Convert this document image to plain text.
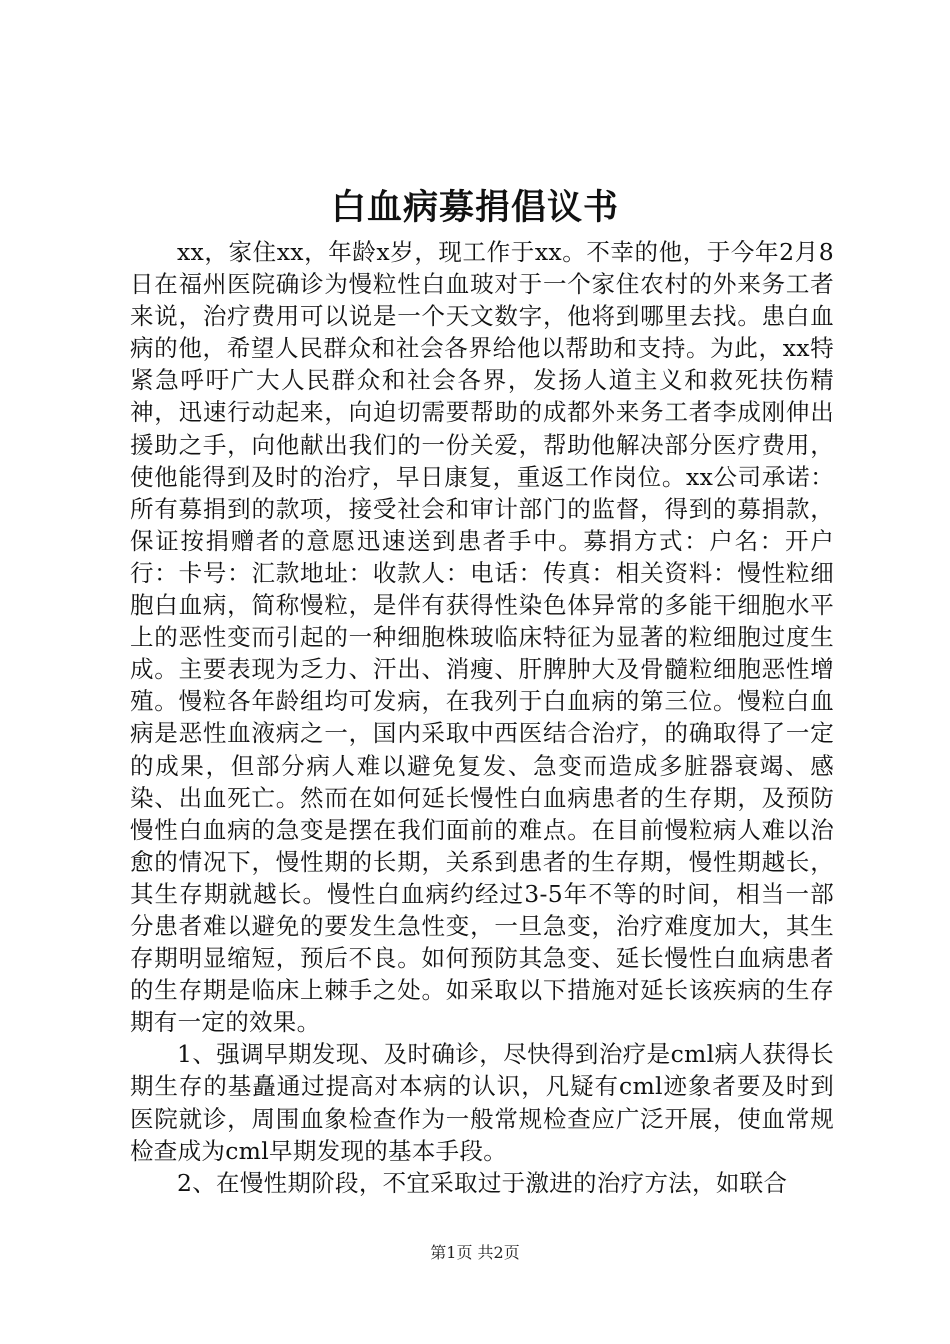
白血病募捐倡议书

xx，家住xx，年龄x岁，现工作于xx。不幸的他，于今年2月8日在福州医院确诊为慢粒性白血玻对于一个家住农村的外来务工者来说，治疗费用可以说是一个天文数字，他将到哪里去找。患白血病的他，希望人民群众和社会各界给他以帮助和支持。为此，xx特紧急呼吁广大人民群众和社会各界，发扬人道主义和救死扶伤精神，迅速行动起来，向迫切需要帮助的成都外来务工者李成刚伸出援助之手，向他献出我们的一份关爱，帮助他解决部分医疗费用，使他能得到及时的治疗，早日康复，重返工作岗位。xx公司承诺：所有募捐到的款项，接受社会和审计部门的监督，得到的募捐款，保证按捐赠者的意愿迅速送到患者手中。募捐方式：户名：开户行：卡号：汇款地址：收款人：电话：传真：相关资料：慢性粒细胞白血病，简称慢粒，是伴有获得性染色体异常的多能干细胞水平上的恶性变而引起的一种细胞株玻临床特征为显著的粒细胞过度生成。主要表现为乏力、汗出、消瘦、肝脾肿大及骨髓粒细胞恶性增殖。慢粒各年龄组均可发病，在我列于白血病的第三位。慢粒白血病是恶性血液病之一，国内采取中西医结合治疗，的确取得了一定的成果，但部分病人难以避免复发、急变而造成多脏器衰竭、感染、出血死亡。然而在如何延长慢性白血病患者的生存期，及预防慢性白血病的急变是摆在我们面前的难点。在目前慢粒病人难以治愈的情况下，慢性期的长期，关系到患者的生存期，慢性期越长，其生存期就越长。慢性白血病约经过3-5年不等的时间，相当一部分患者难以避免的要发生急性变，一旦急变，治疗难度加大，其生存期明显缩短，预后不良。如何预防其急变、延长慢性白血病患者的生存期是临床上棘手之处。如采取以下措施对延长该疾病的生存期有一定的效果。

1、强调早期发现、及时确诊，尽快得到治疗是cml病人获得长期生存的基矗通过提高对本病的认识，凡疑有cml迹象者要及时到医院就诊，周围血象检查作为一般常规检查应广泛开展，使血常规检查成为cml早期发现的基本手段。

2、在慢性期阶段，不宜采取过于激进的治疗方法，如联合

第1页 共2页
